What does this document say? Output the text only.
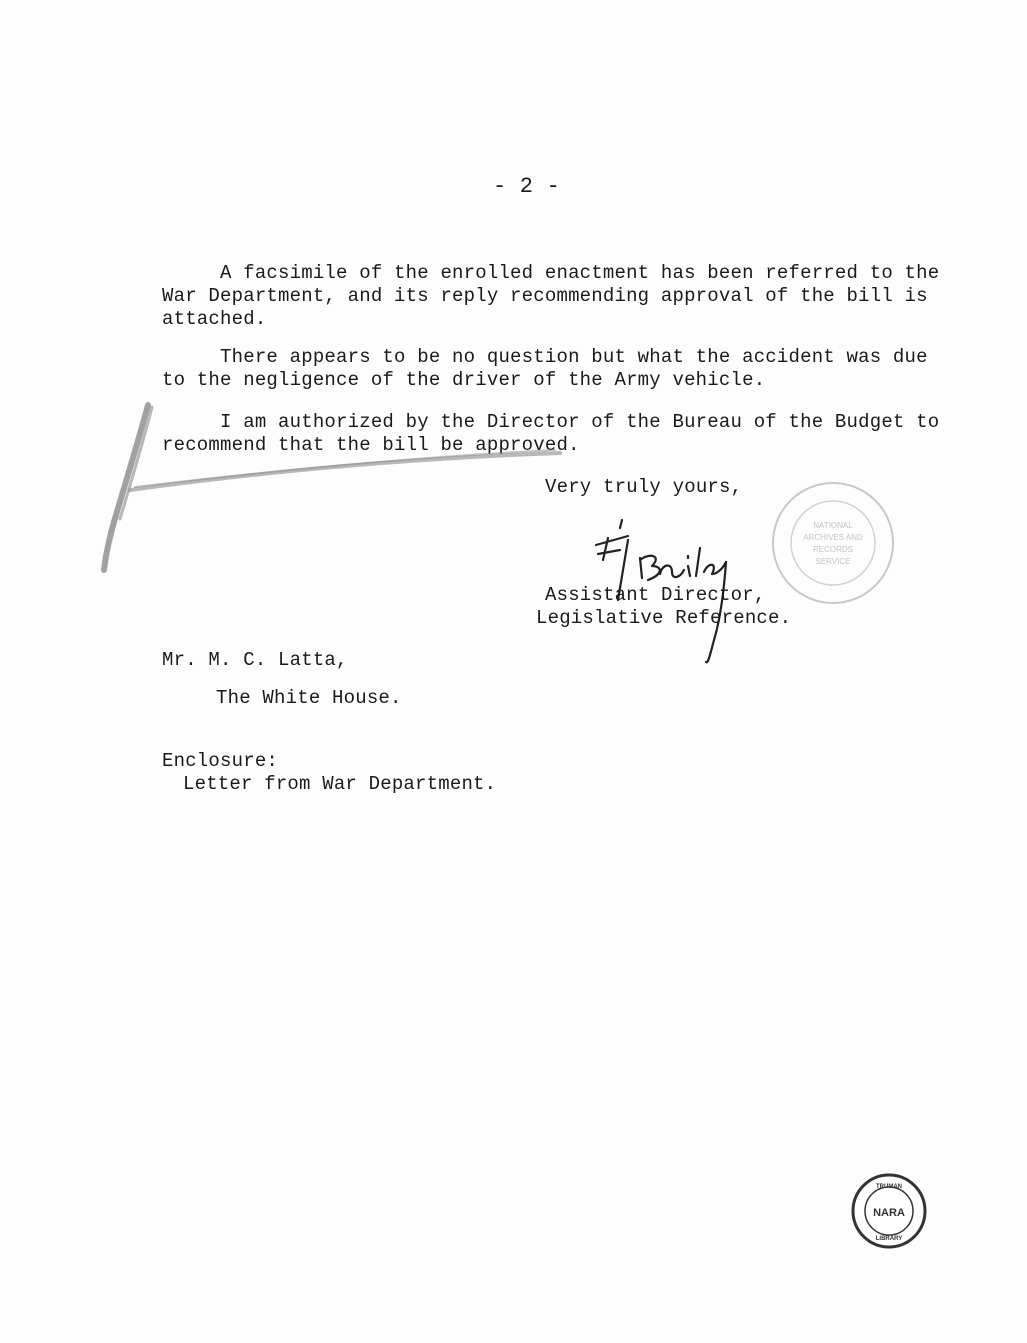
- 2 -
A facsimile of the enrolled enactment has been referred to the
War Department, and its reply recommending approval of the bill is
attached.
There appears to be no question but what the accident was due
to the negligence of the driver of the Army vehicle.
I am authorized by the Director of the Bureau of the Budget to
recommend that the bill be approved.
Very truly yours,
Assistant Director,
Legislative Reference.
Mr. M. C. Latta,
The White House.
Enclosure:
Letter from War Department.
NATIONAL
ARCHIVES AND
RECORDS
SERVICE
NARA
TRUMAN
LIBRARY
